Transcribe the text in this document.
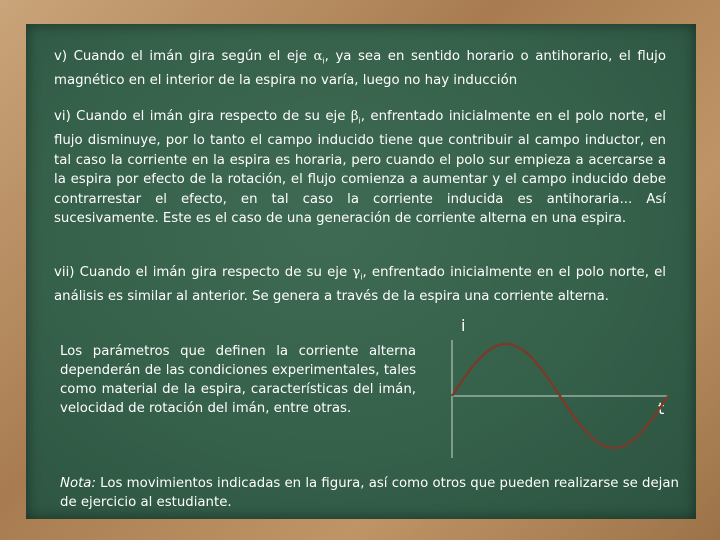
v) Cuando el imán gira según el eje $\alpha_i$, ya sea en sentido horario o antihorario, el flujo magnético en el interior de la espira no varía, luego no hay inducción

vi) Cuando el imán gira respecto de su eje $\beta_i$, enfrentado inicialmente en el polo norte, el flujo disminuye, por lo tanto el campo inducido tiene que contribuir al campo inductor, en tal caso la corriente en la espira es horaria, pero cuando el polo sur empieza a acercarse a la espira por efecto de la rotación, el flujo comienza a aumentar y el campo inducido debe contrarrestar el efecto, en tal caso la corriente inducida es antihoraria... Así sucesivamente. Este es el caso de una generación de corriente alterna en una espira.

vii) Cuando el imán gira respecto de su eje $\gamma_i$, enfrentado inicialmente en el polo norte, el análisis es similar al anterior. Se genera a través de la espira una corriente alterna.

Los parámetros que definen la corriente alterna dependerán de las condiciones experimentales, tales como material de la espira, características del imán, velocidad de rotación del imán, entre otras.

i
t

Nota: Los movimientos indicadas en la figura, así como otros que pueden realizarse se dejan de ejercicio al estudiante.
